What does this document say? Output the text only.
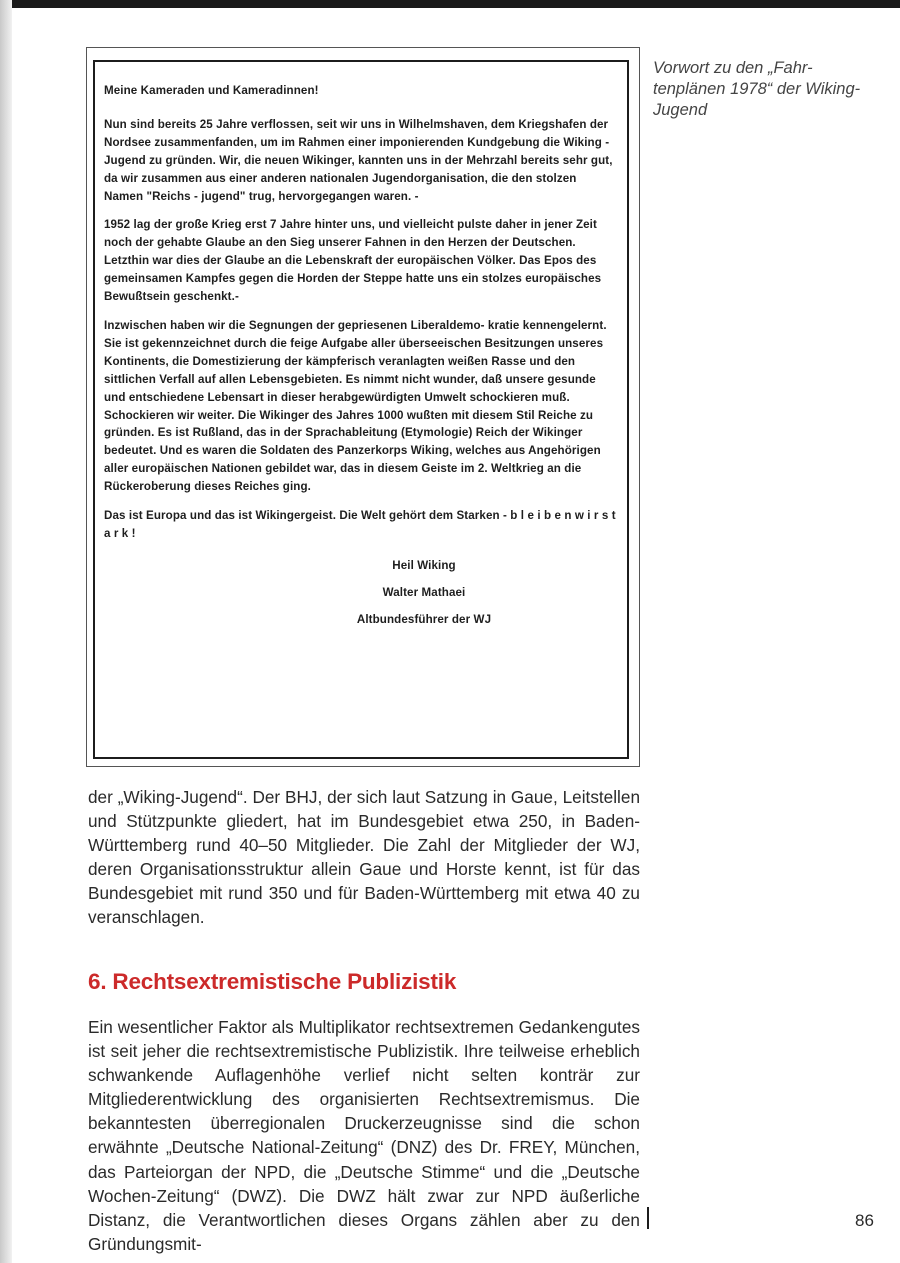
Meine Kameraden und Kameradinnen!

Nun sind bereits 25 Jahre verflossen, seit wir uns in Wilhelmshaven, dem Kriegshafen der Nordsee zusammenfanden, um im Rahmen einer imponierenden Kundgebung die Wiking - Jugend zu gründen. Wir, die neuen Wikinger, kannten uns in der Mehrzahl bereits sehr gut, da wir zusammen aus einer anderen nationalen Jugendorganisation, die den stolzen Namen "Reichs - jugend" trug, hervorgegangen waren. -

1952 lag der große Krieg erst 7 Jahre hinter uns, und vielleicht pulste daher in jener Zeit noch der gehabte Glaube an den Sieg unserer Fahnen in den Herzen der Deutschen. Letzthin war dies der Glaube an die Lebenskraft der europäischen Völker. Das Epos des gemeinsamen Kampfes gegen die Horden der Steppe hatte uns ein stolzes europäisches Bewußtsein geschenkt.-

Inzwischen haben wir die Segnungen der gepriesenen Liberaldemo- kratie kennengelernt. Sie ist gekennzeichnet durch die feige Aufgabe aller überseeischen Besitzungen unseres Kontinents, die Domestizierung der kämpferisch veranlagten weißen Rasse und den sittlichen Verfall auf allen Lebensgebieten. Es nimmt nicht wunder, daß unsere gesunde und entschiedene Lebensart in dieser herabgewürdigten Umwelt schockieren muß. Schockieren wir weiter. Die Wikinger des Jahres 1000 wußten mit diesem Stil Reiche zu gründen. Es ist Rußland, das in der Sprachableitung (Etymologie) Reich der Wikinger bedeutet. Und es waren die Soldaten des Panzerkorps Wiking, welches aus Angehörigen aller europäischen Nationen gebildet war, das in diesem Geiste im 2. Weltkrieg an die Rückeroberung dieses Reiches ging.

Das ist Europa und das ist Wikingergeist. Die Welt gehört dem Starken - b l e i b e n w i r s t a r k !

Heil Wiking
Walter Mathaei
Altbundesführer der WJ
Vorwort zu den „Fahr-tenplänen 1978“ der Wiking-Jugend
der „Wiking-Jugend“. Der BHJ, der sich laut Satzung in Gaue, Leitstellen und Stützpunkte gliedert, hat im Bundesgebiet etwa 250, in Baden-Württemberg rund 40–50 Mitglieder. Die Zahl der Mitglieder der WJ, deren Organisationsstruktur allein Gaue und Horste kennt, ist für das Bundesgebiet mit rund 350 und für Baden-Württemberg mit etwa 40 zu veranschlagen.
6. Rechtsextremistische Publizistik
Ein wesentlicher Faktor als Multiplikator rechtsextremen Gedankengutes ist seit jeher die rechtsextremistische Publizistik. Ihre teilweise erheblich schwankende Auflagenhöhe verlief nicht selten konträr zur Mitgliederentwicklung des organisierten Rechtsextremismus. Die bekanntesten überregionalen Druckerzeugnisse sind die schon erwähnte „Deutsche National-Zeitung“ (DNZ) des Dr. FREY, München, das Parteiorgan der NPD, die „Deutsche Stimme“ und die „Deutsche Wochen-Zeitung“ (DWZ). Die DWZ hält zwar zur NPD äußerliche Distanz, die Verantwortlichen dieses Organs zählen aber zu den Gründungsmit-
86
